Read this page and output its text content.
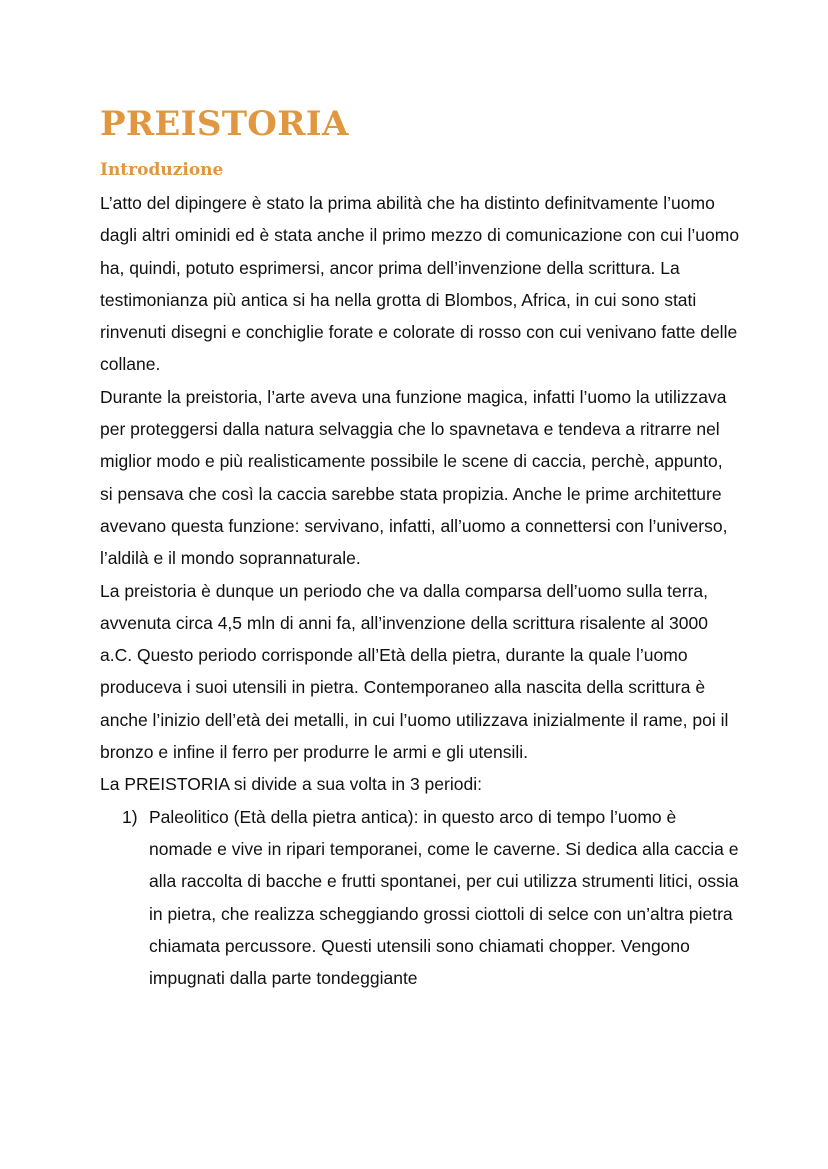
PREISTORIA
Introduzione

L’atto del dipingere è stato la prima abilità che ha distinto definitvamente l’uomo dagli altri ominidi ed è stata anche il primo mezzo di comunicazione con cui l’uomo ha, quindi, potuto esprimersi, ancor prima dell’invenzione della scrittura. La testimonianza più antica si ha nella grotta di Blombos, Africa, in cui sono stati rinvenuti disegni e conchiglie forate e colorate di rosso con cui venivano fatte delle collane.

Durante la preistoria, l’arte aveva una funzione magica, infatti l’uomo la utilizzava per proteggersi dalla natura selvaggia che lo spavnetava e tendeva a ritrarre nel miglior modo e più realisticamente possibile le scene di caccia, perchè, appunto, si pensava che così la caccia sarebbe stata propizia. Anche le prime architetture avevano questa funzione: servivano, infatti, all’uomo a connettersi con l’universo, l’aldilà e il mondo soprannaturale.

La preistoria è dunque un periodo che va dalla comparsa dell’uomo sulla terra, avvenuta circa 4,5 mln di anni fa, all’invenzione della scrittura risalente al 3000 a.C. Questo periodo corrisponde all’Età della pietra, durante la quale l’uomo produceva i suoi utensili in pietra. Contemporaneo alla nascita della scrittura è anche l’inizio dell’età dei metalli, in cui l’uomo utilizzava inizialmente il rame, poi il bronzo e infine il ferro per produrre le armi e gli utensili.

La PREISTORIA si divide a sua volta in 3 periodi:

1) Paleolitico (Età della pietra antica): in questo arco di tempo l’uomo è nomade e vive in ripari temporanei, come le caverne. Si dedica alla caccia e alla raccolta di bacche e frutti spontanei, per cui utilizza strumenti litici, ossia in pietra, che realizza scheggiando grossi ciottoli di selce con un’altra pietra chiamata percussore. Questi utensili sono chiamati chopper. Vengono impugnati dalla parte tondeggiante
